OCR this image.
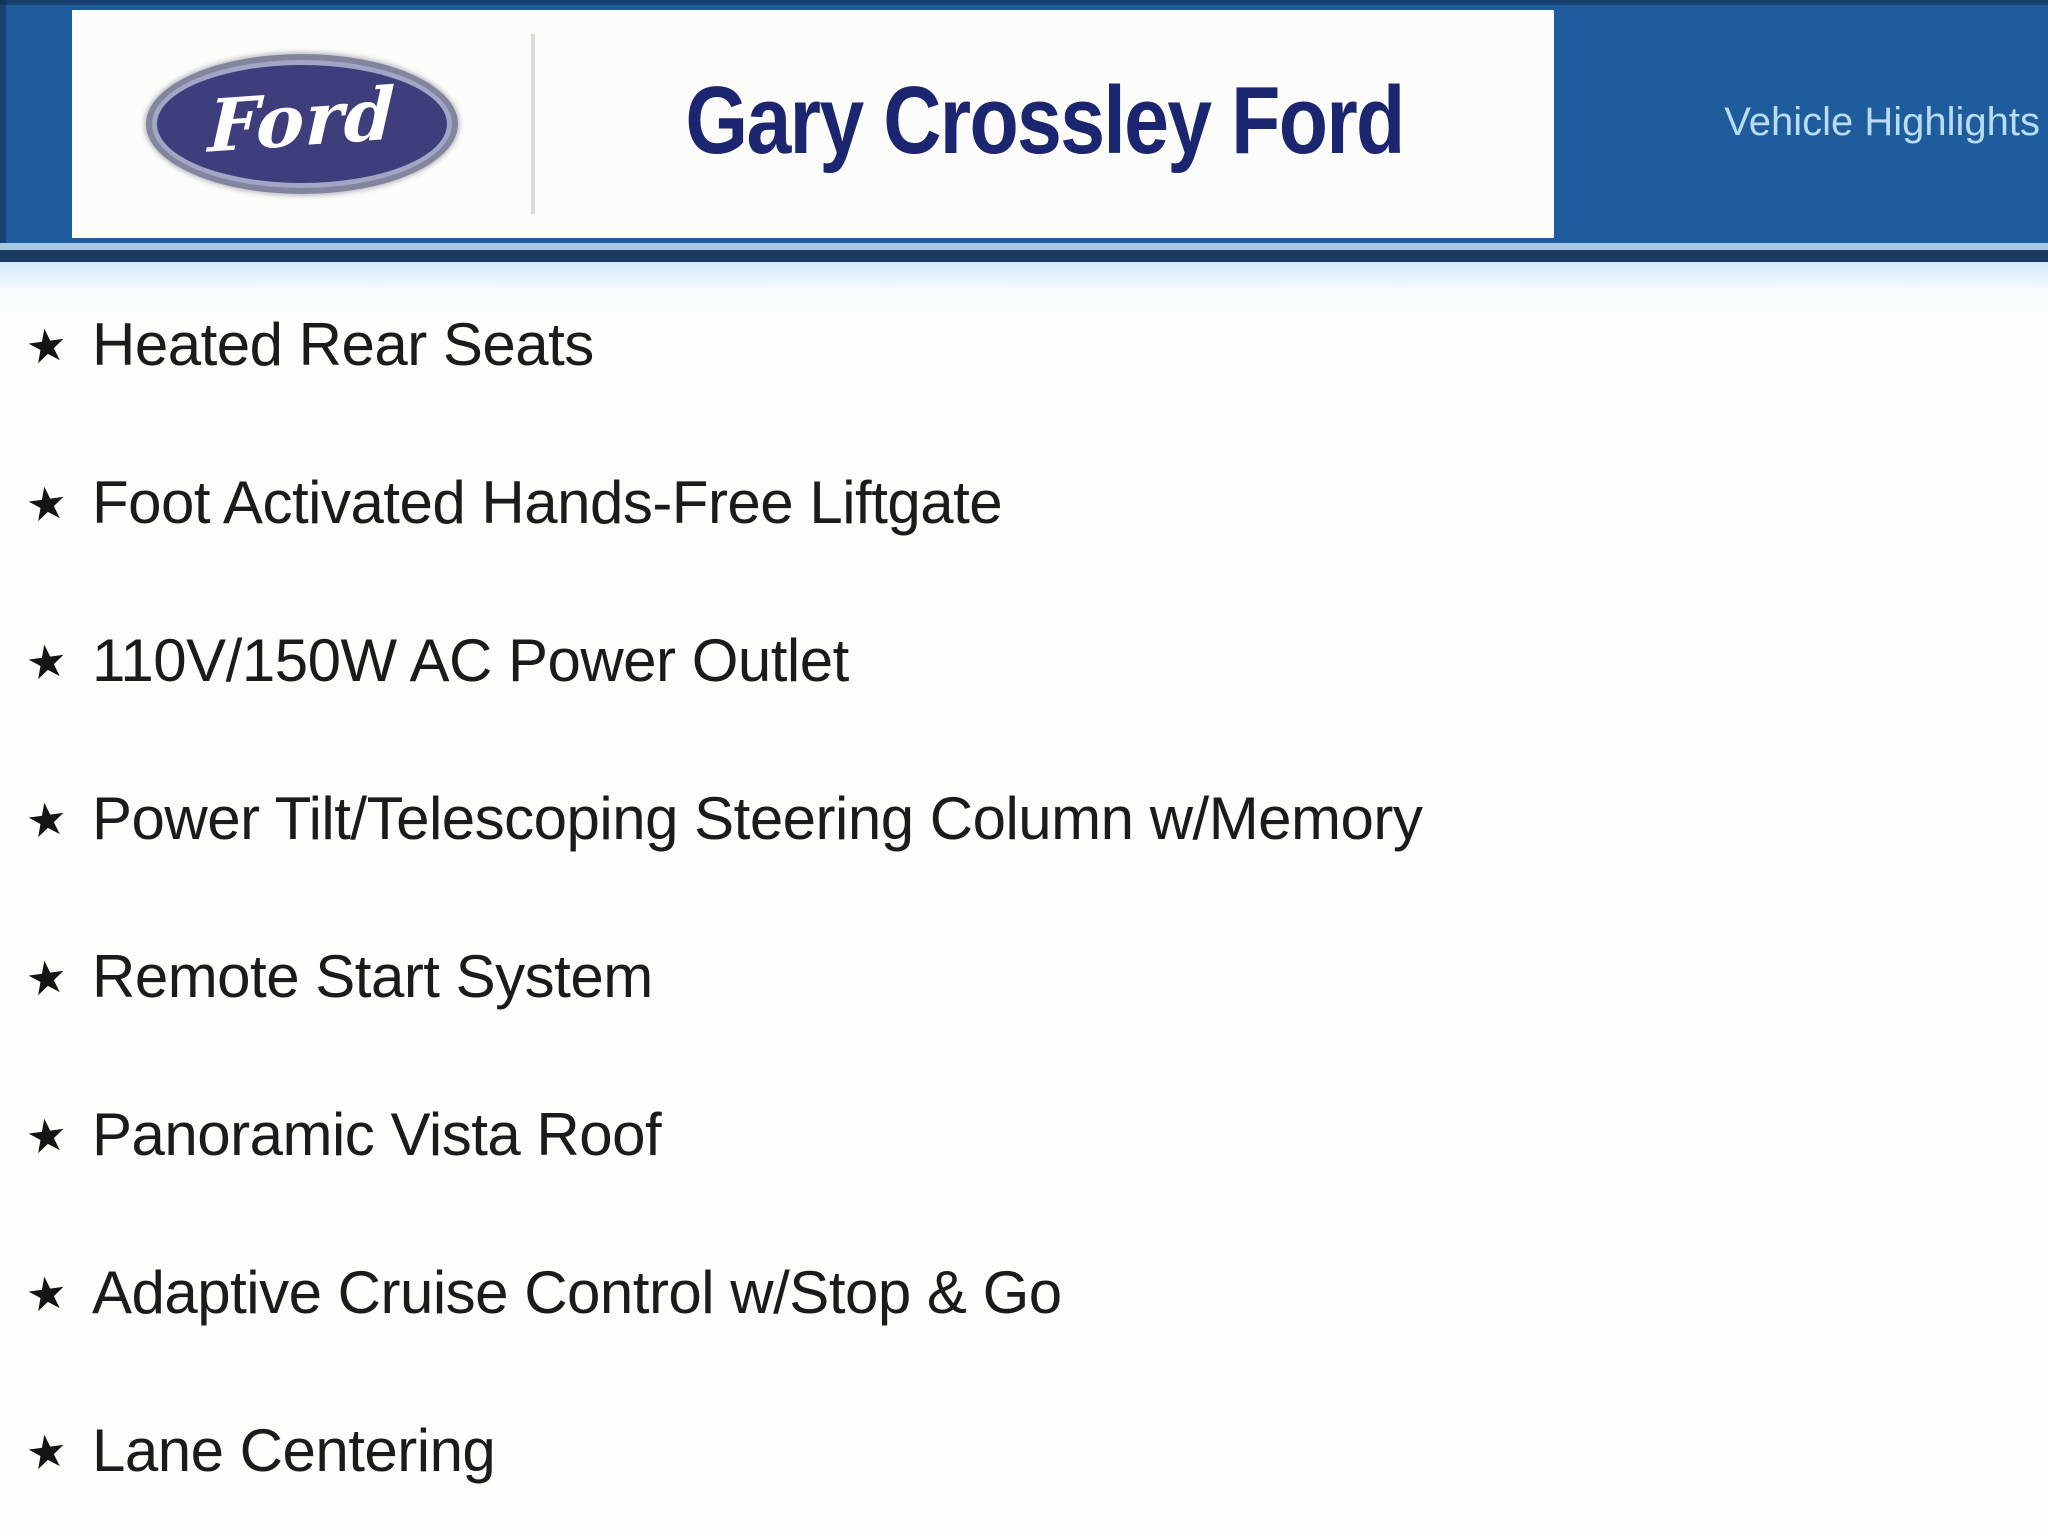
Ford	Gary Crossley Ford	Vehicle Highlights
★ Heated Rear Seats
★ Foot Activated Hands-Free Liftgate
★ 110V/150W AC Power Outlet
★ Power Tilt/Telescoping Steering Column w/Memory
★ Remote Start System
★ Panoramic Vista Roof
★ Adaptive Cruise Control w/Stop & Go
★ Lane Centering
